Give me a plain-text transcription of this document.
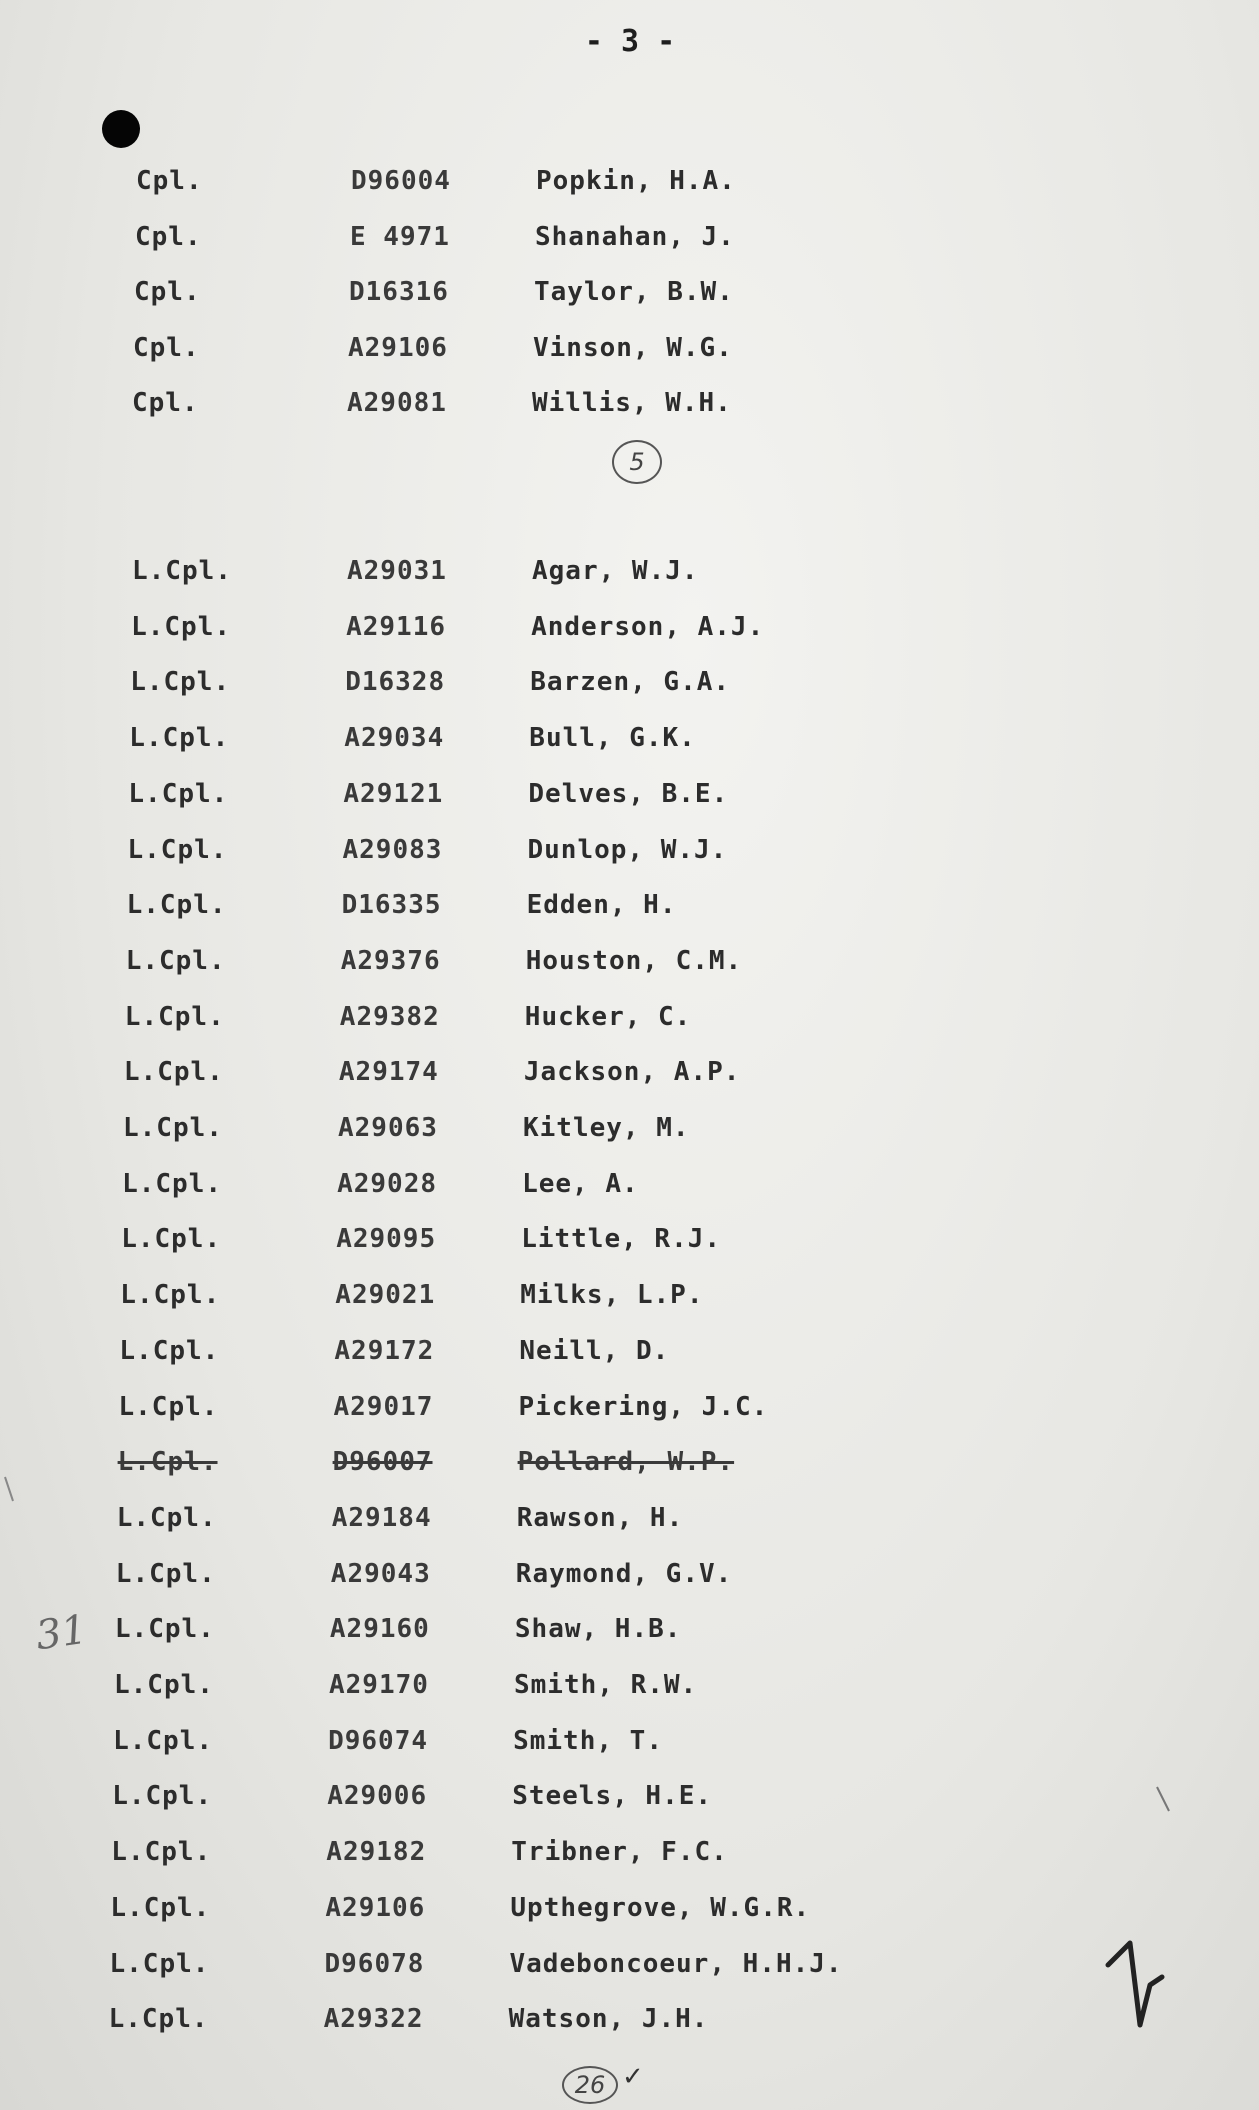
- 3 -
Cpl.	D96004	Popkin, H.A.
Cpl.	E 4971	Shanahan, J.
Cpl.	D16316	Taylor, B.W.
Cpl.	A29106	Vinson, W.G.
Cpl.	A29081	Willis, W.H.
L.Cpl.	A29031	Agar, W.J.
L.Cpl.	A29116	Anderson, A.J.
L.Cpl.	D16328	Barzen, G.A.
L.Cpl.	A29034	Bull, G.K.
L.Cpl.	A29121	Delves, B.E.
L.Cpl.	A29083	Dunlop, W.J.
L.Cpl.	D16335	Edden, H.
L.Cpl.	A29376	Houston, C.M.
L.Cpl.	A29382	Hucker, C.
L.Cpl.	A29174	Jackson, A.P.
L.Cpl.	A29063	Kitley, M.
L.Cpl.	A29028	Lee, A.
L.Cpl.	A29095	Little, R.J.
L.Cpl.	A29021	Milks, L.P.
L.Cpl.	A29172	Neill, D.
L.Cpl.	A29017	Pickering, J.C.
L.Cpl.	D96007	Pollard, W.P.
L.Cpl.	A29184	Rawson, H.
L.Cpl.	A29043	Raymond, G.V.
L.Cpl.	A29160	Shaw, H.B.
L.Cpl.	A29170	Smith, R.W.
L.Cpl.	D96074	Smith, T.
L.Cpl.	A29006	Steels, H.E.
L.Cpl.	A29182	Tribner, F.C.
L.Cpl.	A29106	Upthegrove, W.G.R.
L.Cpl.	D96078	Vadeboncoeur, H.H.J.
L.Cpl.	A29322	Watson, J.H.
5
26 ✓
31
